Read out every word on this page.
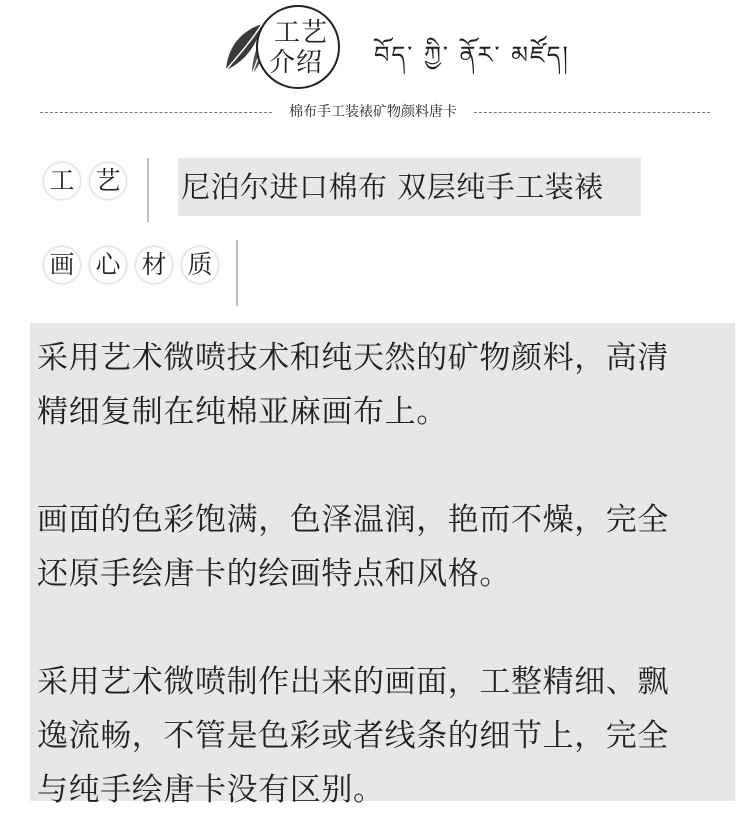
工艺
介绍	བོད་ ཀྱི་ ནོར་ མཛོད།
棉布手工装裱矿物颜料唐卡
工 艺 尼泊尔进口棉布 双层纯手工装裱
画 心 材 质

采用艺术微喷技术和纯天然的矿物颜料，高清

精细复制在纯棉亚麻画布上。

画面的色彩饱满，色泽温润，艳而不燥，完全

还原手绘唐卡的绘画特点和风格。

采用艺术微喷制作出来的画面，工整精细、飘

逸流畅，不管是色彩或者线条的细节上，完全

与纯手绘唐卡没有区别。
